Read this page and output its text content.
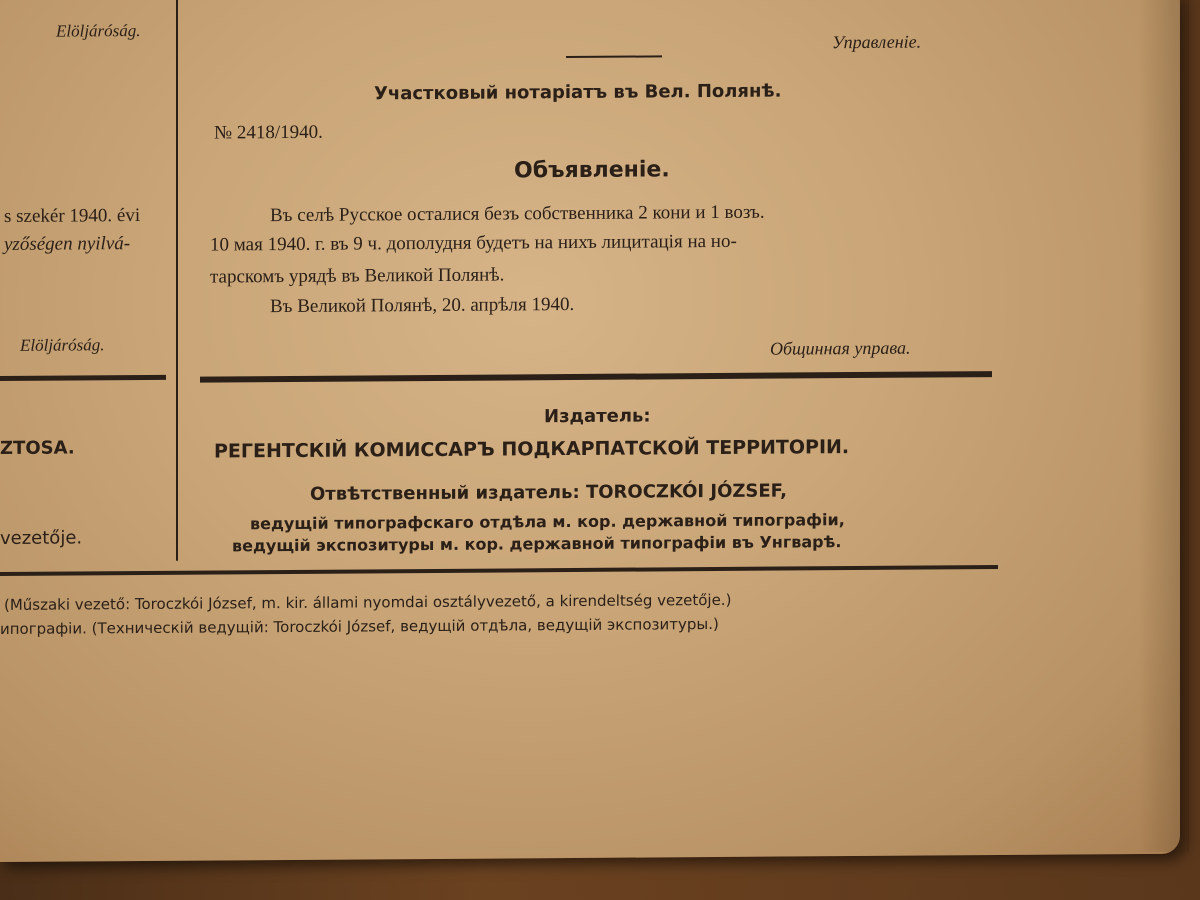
Elöljáróság.
s szekér 1940. évi
yzőségen nyilvá-
Elöljáróság.
ZTOSA.
vezetője.
Управленіе.
Участковый нотаріатъ въ Вел. Полянѣ.
№ 2418/1940.
Объявленіе.
Въ селѣ Русское осталися безъ собственника 2 кони и 1 возъ.
10 мая 1940. г. въ 9 ч. дополудня будетъ на нихъ лицитація на но-
тарскомъ урядѣ въ Великой Полянѣ.
Въ Великой Полянѣ, 20. апрѣля 1940.
Общинная управа.
Издатель:
РЕГЕНТСКІЙ КОМИССАРЪ ПОДКАРПАТСКОЙ ТЕРРИТОРІИ.
Отвѣтственный издатель: TOROCZKÓI JÓZSEF,
ведущій типографскаго отдѣла м. кор. державной типографіи,
ведущій экспозитуры м. кор. державной типографіи въ Унгварѣ.
(Műszaki vezető: Toroczkói József, m. kir. állami nyomdai osztályvezető, a kirendeltség vezetője.)
ипографіи. (Техническій ведущій: Toroczkói József, ведущій отдѣла, ведущій экспозитуры.)
